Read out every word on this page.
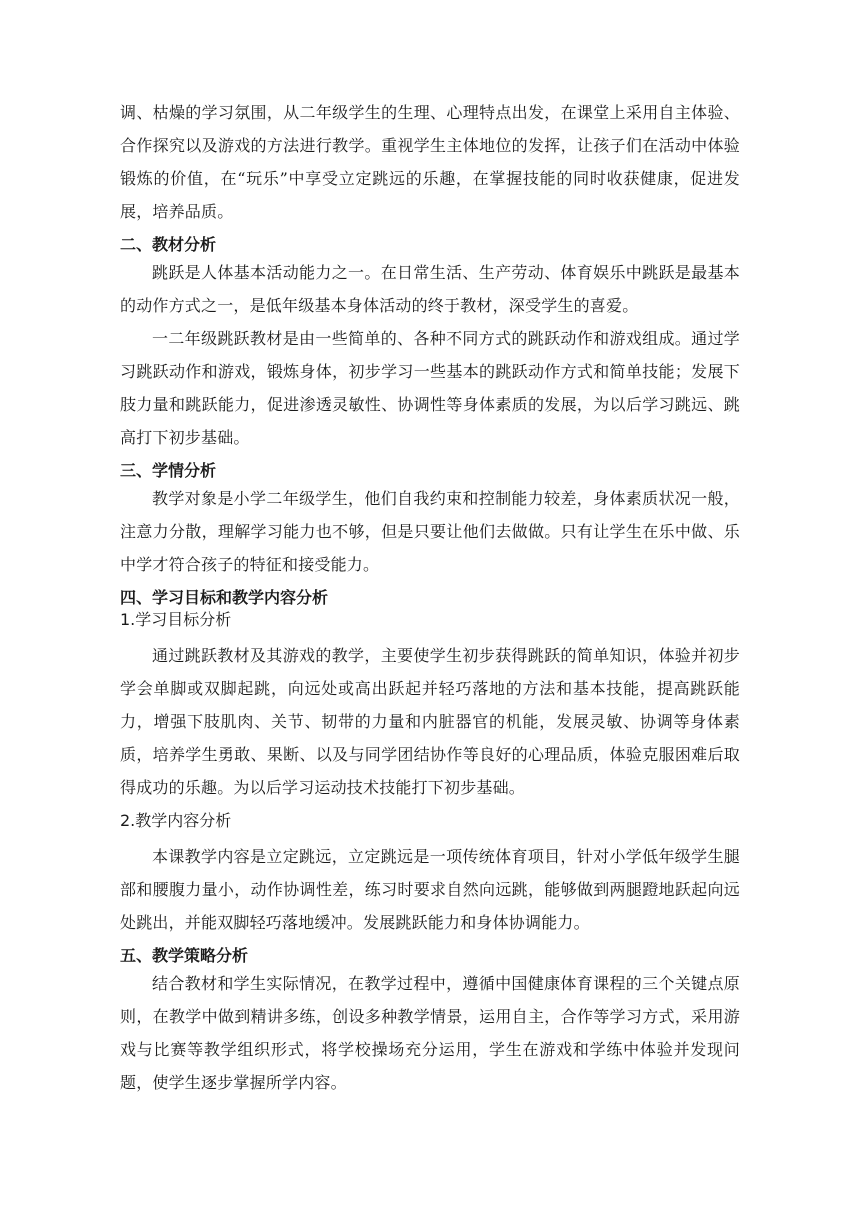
调、枯燥的学习氛围，从二年级学生的生理、心理特点出发，在课堂上采用自主体验、合作探究以及游戏的方法进行教学。重视学生主体地位的发挥，让孩子们在活动中体验锻炼的价值，在“玩乐”中享受立定跳远的乐趣，在掌握技能的同时收获健康，促进发展，培养品质。

二、教材分析

跳跃是人体基本活动能力之一。在日常生活、生产劳动、体育娱乐中跳跃是最基本的动作方式之一，是低年级基本身体活动的终于教材，深受学生的喜爱。

一二年级跳跃教材是由一些简单的、各种不同方式的跳跃动作和游戏组成。通过学习跳跃动作和游戏，锻炼身体，初步学习一些基本的跳跃动作方式和简单技能；发展下肢力量和跳跃能力，促进渗透灵敏性、协调性等身体素质的发展，为以后学习跳远、跳高打下初步基础。

三、学情分析

教学对象是小学二年级学生，他们自我约束和控制能力较差，身体素质状况一般，注意力分散，理解学习能力也不够，但是只要让他们去做做。只有让学生在乐中做、乐中学才符合孩子的特征和接受能力。

四、学习目标和教学内容分析
1.学习目标分析

通过跳跃教材及其游戏的教学，主要使学生初步获得跳跃的简单知识，体验并初步学会单脚或双脚起跳，向远处或高出跃起并轻巧落地的方法和基本技能，提高跳跃能力，增强下肢肌肉、关节、韧带的力量和内脏器官的机能，发展灵敏、协调等身体素质，培养学生勇敢、果断、以及与同学团结协作等良好的心理品质，体验克服困难后取得成功的乐趣。为以后学习运动技术技能打下初步基础。

2.教学内容分析

本课教学内容是立定跳远，立定跳远是一项传统体育项目，针对小学低年级学生腿部和腰腹力量小，动作协调性差，练习时要求自然向远跳，能够做到两腿蹬地跃起向远处跳出，并能双脚轻巧落地缓冲。发展跳跃能力和身体协调能力。

五、教学策略分析

结合教材和学生实际情况，在教学过程中，遵循中国健康体育课程的三个关键点原则，在教学中做到精讲多练，创设多种教学情景，运用自主，合作等学习方式，采用游戏与比赛等教学组织形式，将学校操场充分运用，学生在游戏和学练中体验并发现问题，使学生逐步掌握所学内容。
